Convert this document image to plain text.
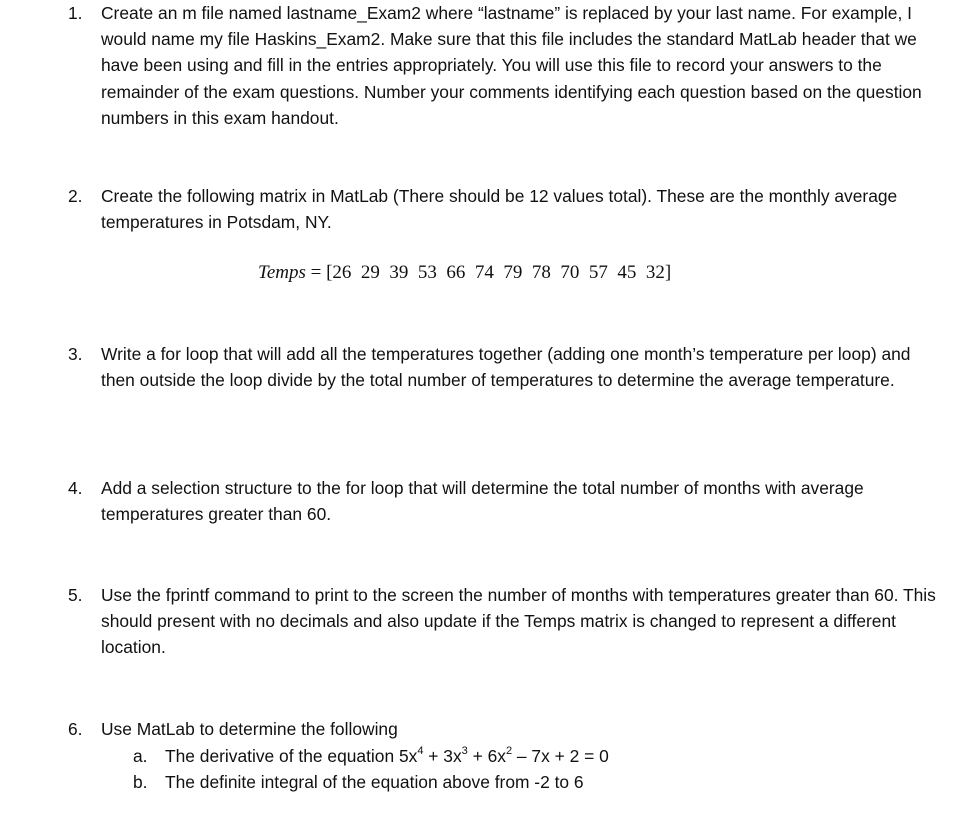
1.	Create an m file named lastname_Exam2 where “lastname” is replaced by your last name. For example, I would name my file Haskins_Exam2. Make sure that this file includes the standard MatLab header that we have been using and fill in the entries appropriately. You will use this file to record your answers to the remainder of the exam questions. Number your comments identifying each question based on the question numbers in this exam handout.
2.	Create the following matrix in MatLab (There should be 12 values total). These are the monthly average temperatures in Potsdam, NY.
Temps = [26  29  39  53  66  74  79  78  70  57  45  32]
3.	Write a for loop that will add all the temperatures together (adding one month’s temperature per loop) and then outside the loop divide by the total number of temperatures to determine the average temperature.
4.	Add a selection structure to the for loop that will determine the total number of months with average temperatures greater than 60.
5.	Use the fprintf command to print to the screen the number of months with temperatures greater than 60. This should present with no decimals and also update if the Temps matrix is changed to represent a different location.
6.	Use MatLab to determine the following
a. The derivative of the equation $5x^4 + 3x^3 + 6x^2 - 7x + 2 = 0$
b. The definite integral of the equation above from -2 to 6
